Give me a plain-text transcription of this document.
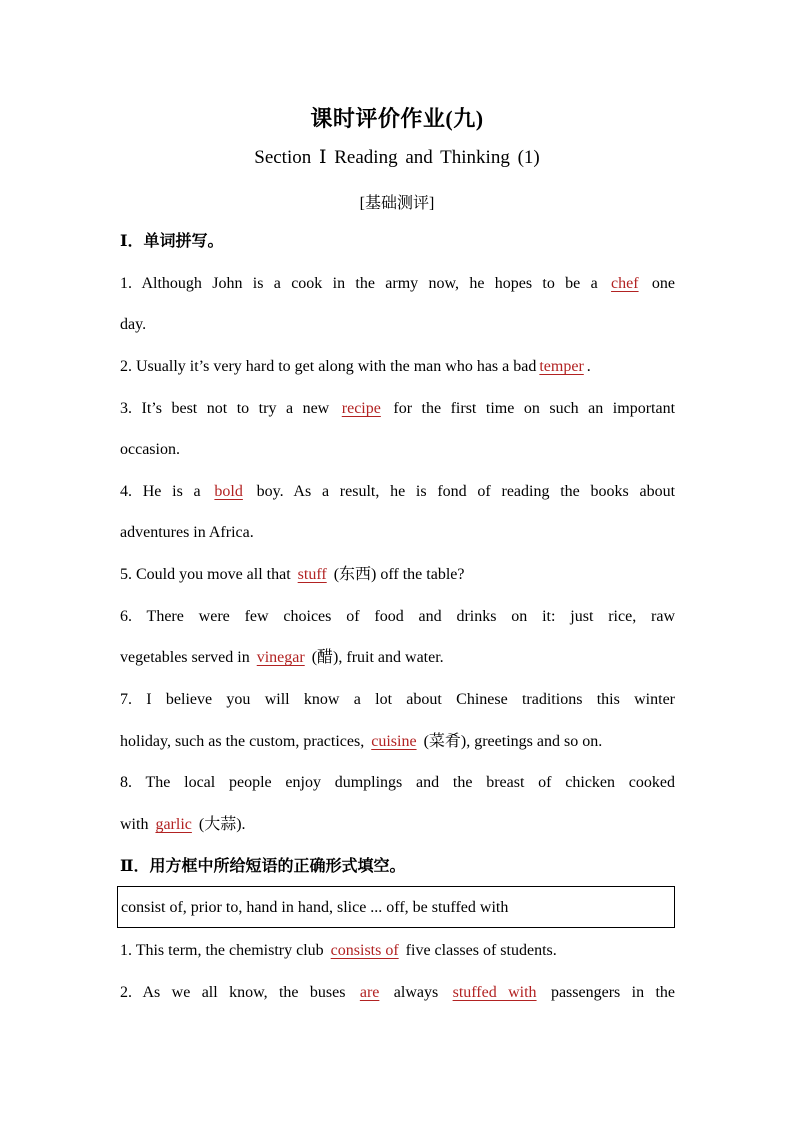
课时评价作业(九)
Section Ⅰ Reading and Thinking (1)
[基础测评]
Ⅰ．单词拼写。
1. Although John is a cook in the army now, he hopes to be a chef one
day.
2. Usually it’s very hard to get along with the man who has a bad temper .
3. It’s best not to try a new recipe for the first time on such an important
occasion.
4. He is a bold boy. As a result, he is fond of reading the books about
adventures in Africa.
5. Could you move all that stuff (东西) off the table?
6. There were few choices of food and drinks on it: just rice, raw
vegetables served in vinegar (醋), fruit and water.
7. I believe you will know a lot about Chinese traditions this winter
holiday, such as the custom, practices, cuisine (菜肴), greetings and so on.
8. The local people enjoy dumplings and the breast of chicken cooked
with garlic (大蒜).
Ⅱ．用方框中所给短语的正确形式填空。
consist of, prior to, hand in hand, slice ... off, be stuffed with
1. This term, the chemistry club consists of five classes of students.
2. As we all know, the buses are always stuffed with passengers in the
